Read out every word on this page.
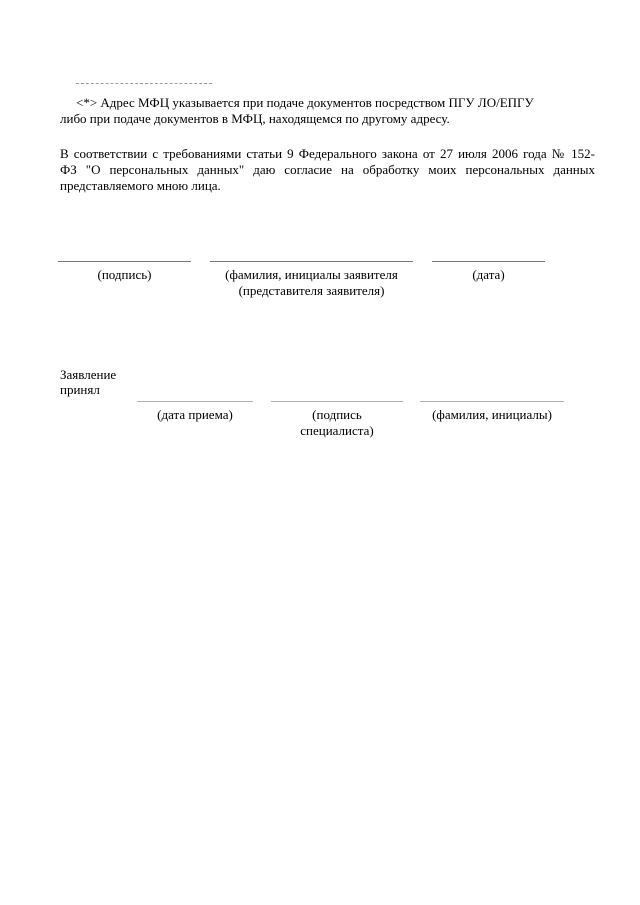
<*> Адрес МФЦ указывается при подаче документов посредством ПГУ ЛО/ЕПГУ
либо при подаче документов в МФЦ, находящемся по другому адресу.
В соответствии с требованиями статьи 9 Федерального закона от 27 июля 2006 года № 152-
ФЗ "О персональных данных" даю согласие на обработку моих персональных данных
представляемого мною лица.
(подпись)	(фамилия, инициалы заявителя
(представителя заявителя)
(дата)
Заявление
принял
(дата приема)	(подпись
специалиста)
(фамилия, инициалы)
